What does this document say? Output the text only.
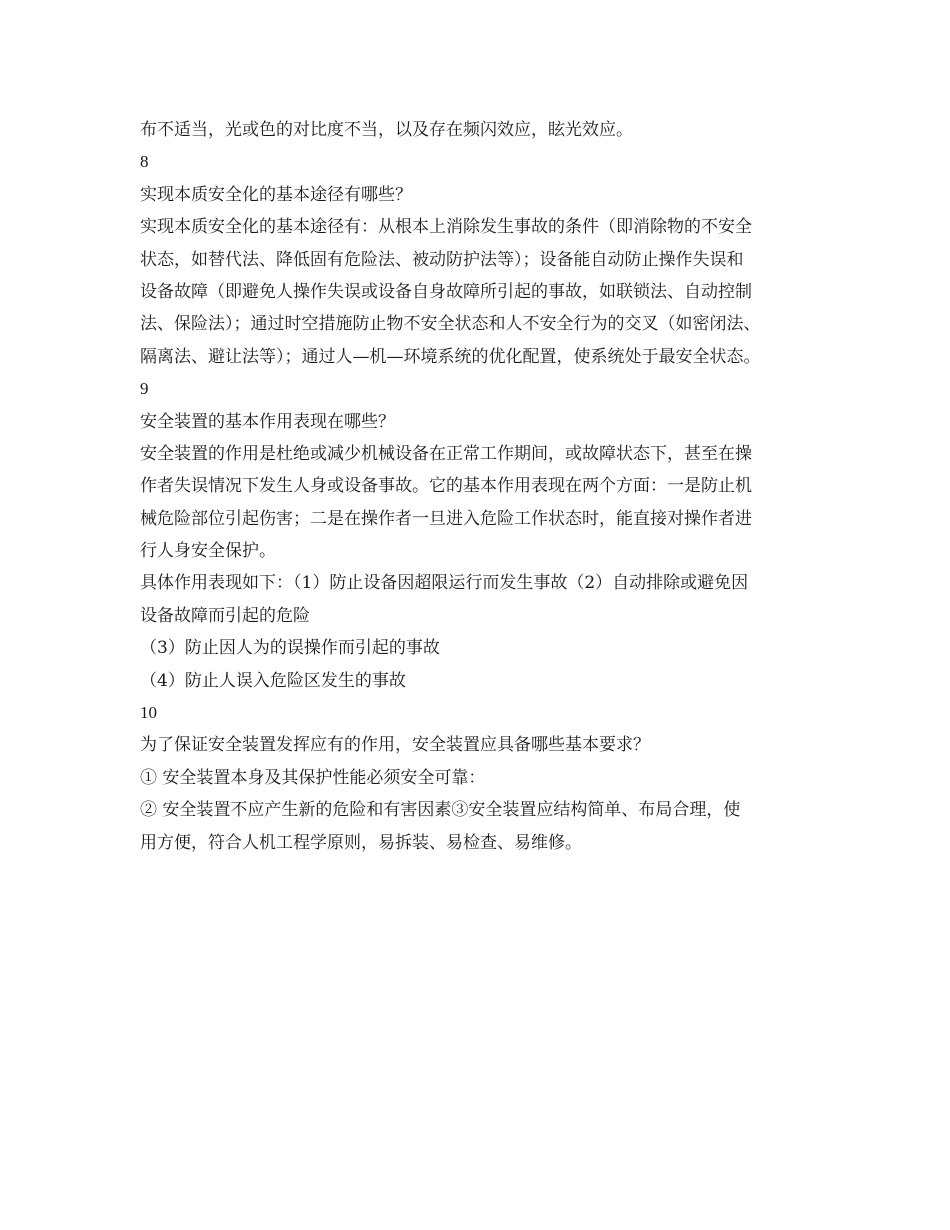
布不适当，光或色的对比度不当，以及存在频闪效应，眩光效应。
8
实现本质安全化的基本途径有哪些？
实现本质安全化的基本途径有：从根本上消除发生事故的条件（即消除物的不安全
状态，如替代法、降低固有危险法、被动防护法等）；设备能自动防止操作失误和
设备故障（即避免人操作失误或设备自身故障所引起的事故，如联锁法、自动控制
法、保险法）；通过时空措施防止物不安全状态和人不安全行为的交叉（如密闭法、
隔离法、避让法等）；通过人—机—环境系统的优化配置，使系统处于最安全状态。
9
安全装置的基本作用表现在哪些？
安全装置的作用是杜绝或减少机械设备在正常工作期间，或故障状态下，甚至在操
作者失误情况下发生人身或设备事故。它的基本作用表现在两个方面：一是防止机
械危险部位引起伤害；二是在操作者一旦进入危险工作状态时，能直接对操作者进
行人身安全保护。
具体作用表现如下：（1）防止设备因超限运行而发生事故（2）自动排除或避免因
设备故障而引起的危险
（3）防止因人为的误操作而引起的事故
（4）防止人误入危险区发生的事故
10
为了保证安全装置发挥应有的作用，安全装置应具备哪些基本要求？
① 安全装置本身及其保护性能必须安全可靠：
② 安全装置不应产生新的危险和有害因素③安全装置应结构简单、布局合理，使
用方便，符合人机工程学原则，易拆装、易检查、易维修。
